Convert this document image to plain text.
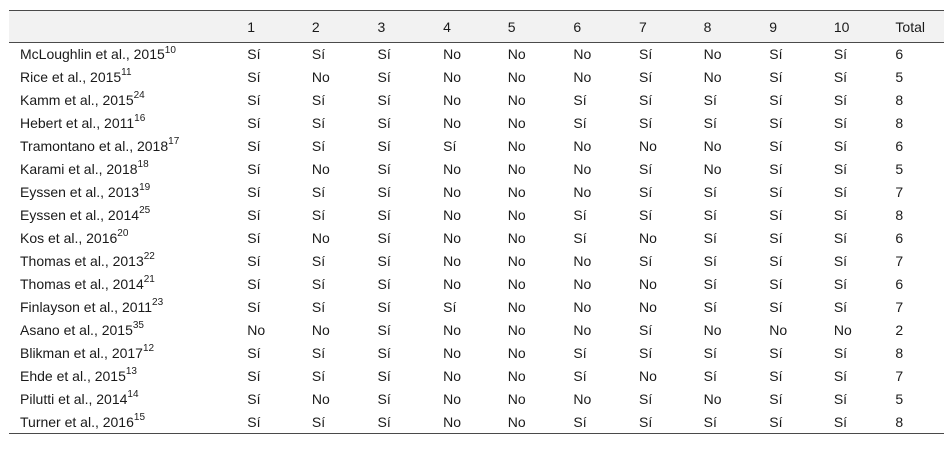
	1	2	3	4	5	6	7	8	9	10	Total
McLoughlin et al., 2015$^{10}$	Sí	Sí	Sí	No	No	No	Sí	No	Sí	Sí	6
Rice et al., 2015$^{11}$	Sí	No	Sí	No	No	No	Sí	No	Sí	Sí	5
Kamm et al., 2015$^{24}$	Sí	Sí	Sí	No	No	Sí	Sí	Sí	Sí	Sí	8
Hebert et al., 2011$^{16}$	Sí	Sí	Sí	No	No	Sí	Sí	Sí	Sí	Sí	8
Tramontano et al., 2018$^{17}$	Sí	Sí	Sí	Sí	No	No	No	No	Sí	Sí	6
Karami et al., 2018$^{18}$	Sí	No	Sí	No	No	No	Sí	No	Sí	Sí	5
Eyssen et al., 2013$^{19}$	Sí	Sí	Sí	No	No	No	Sí	Sí	Sí	Sí	7
Eyssen et al., 2014$^{25}$	Sí	Sí	Sí	No	No	Sí	Sí	Sí	Sí	Sí	8
Kos et al., 2016$^{20}$	Sí	No	Sí	No	No	Sí	No	Sí	Sí	Sí	6
Thomas et al., 2013$^{22}$	Sí	Sí	Sí	No	No	No	Sí	Sí	Sí	Sí	7
Thomas et al., 2014$^{21}$	Sí	Sí	Sí	No	No	No	No	Sí	Sí	Sí	6
Finlayson et al., 2011$^{23}$	Sí	Sí	Sí	Sí	No	No	No	Sí	Sí	Sí	7
Asano et al., 2015$^{35}$	No	No	Sí	No	No	No	Sí	No	No	No	2
Blikman et al., 2017$^{12}$	Sí	Sí	Sí	No	No	Sí	Sí	Sí	Sí	Sí	8
Ehde et al., 2015$^{13}$	Sí	Sí	Sí	No	No	Sí	No	Sí	Sí	Sí	7
Pilutti et al., 2014$^{14}$	Sí	No	Sí	No	No	No	Sí	No	Sí	Sí	5
Turner et al., 2016$^{15}$	Sí	Sí	Sí	No	No	Sí	Sí	Sí	Sí	Sí	8
